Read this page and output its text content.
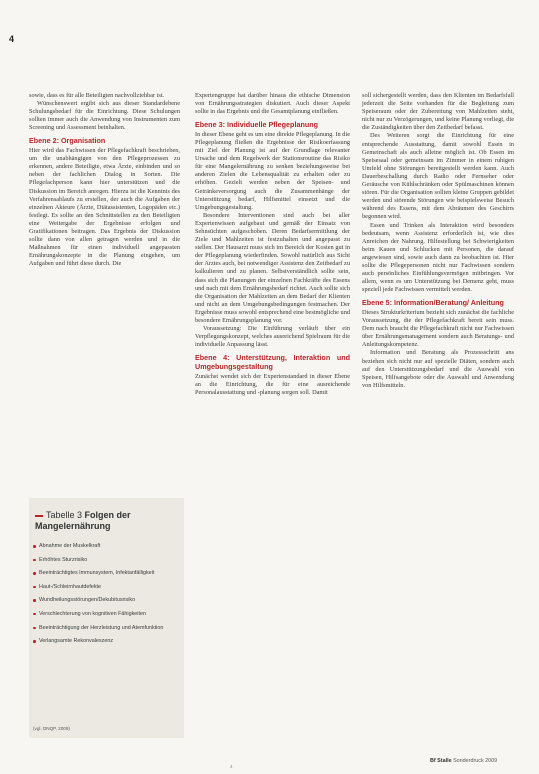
4

sowie, dass es für alle Beteiligten nachvollziehbar ist.

Wünschenswert ergibt sich aus dieser Standardebene Schulungsbedarf für die Einrichtung. Diese Schulungen sollten immer auch die Anwendung von Instrumenten zum Screening und Assessment beinhalten.

Ebene 2: Organisation

Hier wird das Fachwissen der Pflegefachkraft beschrieben, um die unabhängigen von den Pflegeprozessen zu erkennen, andere Beteiligte, etwa Ärzte, einbinden und so neben der fachlichen Dialog in Sorten. Die Pflegefachperson kann hier unterstützen und die Diskussion im Bereich anregen. Hierzu ist die Kenntnis des Verfahrensablaufs zu erstellen, der auch die Aufgaben der einzelnen Akteure (Ärzte, Diätassistenten, Logopäden etc.) festlegt. Es sollte an den Schnittstellen zu den Beteiligten eine Weitergabe der Ergebnisse erfolgen und Gratifikationen beitragen. Das Ergebnis der Diskussion sollte dann von allen getragen werden und in die Maßnahmen für einen individuell angepassten Ernährungskonzepte in die Planung eingehen, um Aufgaben und führt diese durch. Die

Tabelle 3 Folgen der Mangelernährung
Abnahme der Muskelkraft
Erhöhtes Sturzrisiko
Beeinträchtigtes Immunsystem, Infektanfälligkeit
Haut-/Schleimhautdefekte
Wundheilungsstörungen/Dekubitusrisiko
Verschlechterung von kognitiven Fähigkeiten
Beeinträchtigung der Herzleistung und Atemfunktion
Verlangsamte Rekonvaleszenz
(vgl. DNQP, 2009)

Expertengruppe hat darüber hinaus die ethische Dimension von Ernährungsstrategien diskutiert. Auch dieser Aspekt sollte in das Ergebnis und die Gesamtplanung einfließen.

Ebene 3: Individuelle Pflegeplanung

In dieser Ebene geht es um eine direkte Pflegeplanung. In die Pflegeplanung fließen die Ergebnisse der Risikoerfassung mit Ziel der Planung ist auf der Grundlage relevanter Ursache und dem Regelwerk der Stationsroutine das Risiko für eine Mangelernährung zu senken beziehungsweise bei anderen Zielen die Lebensqualität zu erhalten oder zu erhöhen. Gezielt werden neben der Speisen- und Getränkeversorgung auch die Zusammenhänge der Unterstützung bedarf, Hilfsmittel einsetzt und die Umgebungsgestaltung.

Besondere Interventionen sind auch bei aller Expertenwissen aufgebaut und gemäß der Einsatz von Sehnsüchten aufgeschoben. Deren Bedarfsermittlung der Ziele und Mahlzeiten ist festzuhalten und angepasst zu stellen. Der Hausarzt muss sich im Bereich der Kosten gut in der Pflegeplanung wiederfinden. Sowohl natürlich aus Sicht der Arztes auch, bei notwendiger Assistenz den Zeitbedarf zu kalkulieren und zu planen. Selbstverständlich sollte sein, dass sich die Planungen der einzelnen Fachkräfte des Essens und nach mit dem Ernährungsbedarf richtet. Auch sollte sich die Organisation der Mahlzeiten an dem Bedarf der Klienten und nicht an dem Umgebungsbedingungen festmachen. Der Ergebnisse muss sowohl entsprechend eine bestmögliche und besondere Ernährungsplanung vor.

Voraussetzung: Die Einführung verläuft über ein Verpflegungskonzept, welches ausreichend Spielraum für die individuelle Anpassung lässt.

Ebene 4: Unterstützung, Interaktion und Umgebungsgestaltung

Zunächst wendet sich der Expertenstandard in dieser Ebene an die Einrichtung, die für eine ausreichende Personalausstattung und -planung sorgen soll. Damit

soll sichergestellt werden, dass den Klienten im Bedarfsfall jederzeit die Seite vorhanden für die Begleitung zum Speiseraum oder der Zubereitung von Mahlzeiten steht, nicht nur zu Verzögerungen, und keine Planung vorliegt, die die Zuständigkeiten über den Zeitbedarf befasst.

Des Weiteren sorgt die Einrichtung für eine entsprechende Ausstattung, damit sowohl Essen in Gemeinschaft als auch alleine möglich ist. Ob Essen im Speisesaal oder gemeinsam im Zimmer in einem ruhigen Umfeld ohne Störungen bereitgestellt werden kann. Auch Dauerbeschallung durch Radio oder Fernseher oder Geräusche von Kühlschränken oder Spülmaschinen können stören. Für die Organisation sollten kleine Gruppen gebildet werden und störende Störungen wie beispielsweise Besuch während des Essens, mit dem Abräumen des Geschirrs begonnen wird.

Essen und Trinken als Interaktion wird besonders bedeutsam, wenn Assistenz erforderlich ist, wie dies Anreichen der Nahrung. Hilfestellung bei Schwierigkeiten beim Kauen und Schlucken mit Personen, die darauf angewiesen sind, sowie auch dann zu beobachten ist. Hier sollte die Pflegepersonen nicht nur Fachwissen sondern auch persönliches Einfühlungsvermögen mitbringen. Vor allem, wenn es um Unterstützung bei Demenz geht, muss speziell jede Fachwissen vermittelt werden.

Ebene 5: Information/Beratung/ Anleitung

Dieses Strukturkriterium bezieht sich zunächst die fachliche Voraussetzung, die der Pflegefachkraft bereit sein muss. Dem nach braucht die Pflegefachkraft nicht nur Fachwissen über Ernährungsmanagement sondern auch Beratungs- und Anleitungskompetenz.

Information und Beratung als Prozessschritt ans beziehen sich nicht nur auf spezielle Diäten, sondern auch auf den Unterstützungsbedarf und die Auswahl von Speisen, Hilfsangebote oder die Auswahl und Anwendung von Hilfsmitteln.

4
Bf Stalle Sonderdruck 2009
